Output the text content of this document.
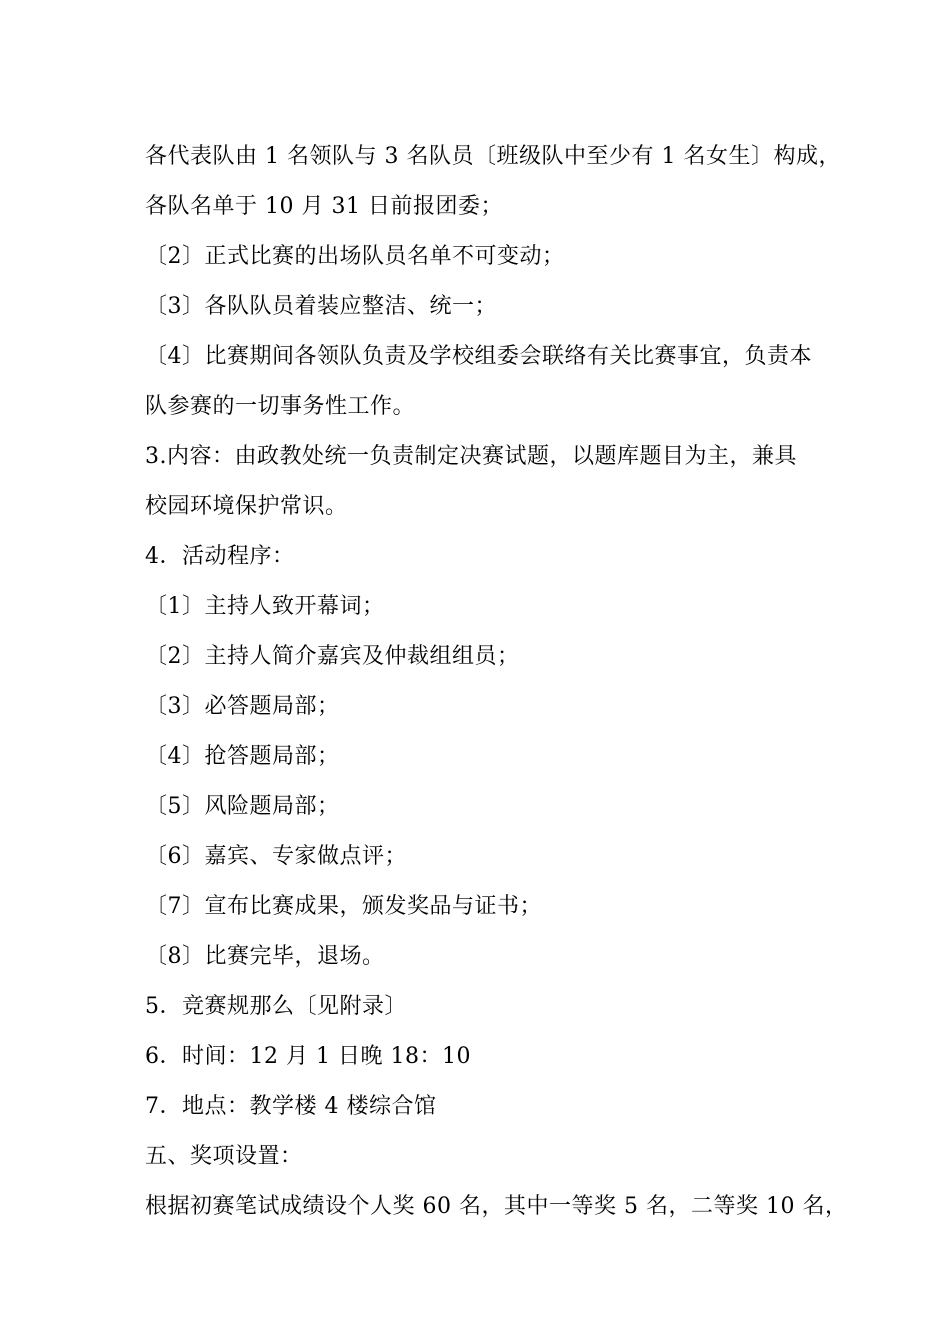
各代表队由 1 名领队与 3 名队员〔班级队中至少有 1 名女生〕构成，
各队名单于 10 月 31 日前报团委；
〔2〕正式比赛的出场队员名单不可变动；
〔3〕各队队员着装应整洁、统一；
〔4〕比赛期间各领队负责及学校组委会联络有关比赛事宜，负责本
队参赛的一切事务性工作。
3.内容：由政教处统一负责制定决赛试题，以题库题目为主，兼具
校园环境保护常识。
4．活动程序：
〔1〕主持人致开幕词；
〔2〕主持人简介嘉宾及仲裁组组员；
〔3〕必答题局部；
〔4〕抢答题局部；
〔5〕风险题局部；
〔6〕嘉宾、专家做点评；
〔7〕宣布比赛成果，颁发奖品与证书；
〔8〕比赛完毕，退场。
5．竞赛规那么〔见附录〕
6．时间：12 月 1 日晚 18：10
7．地点：教学楼 4 楼综合馆
五、奖项设置：
根据初赛笔试成绩设个人奖 60 名，其中一等奖 5 名，二等奖 10 名，
